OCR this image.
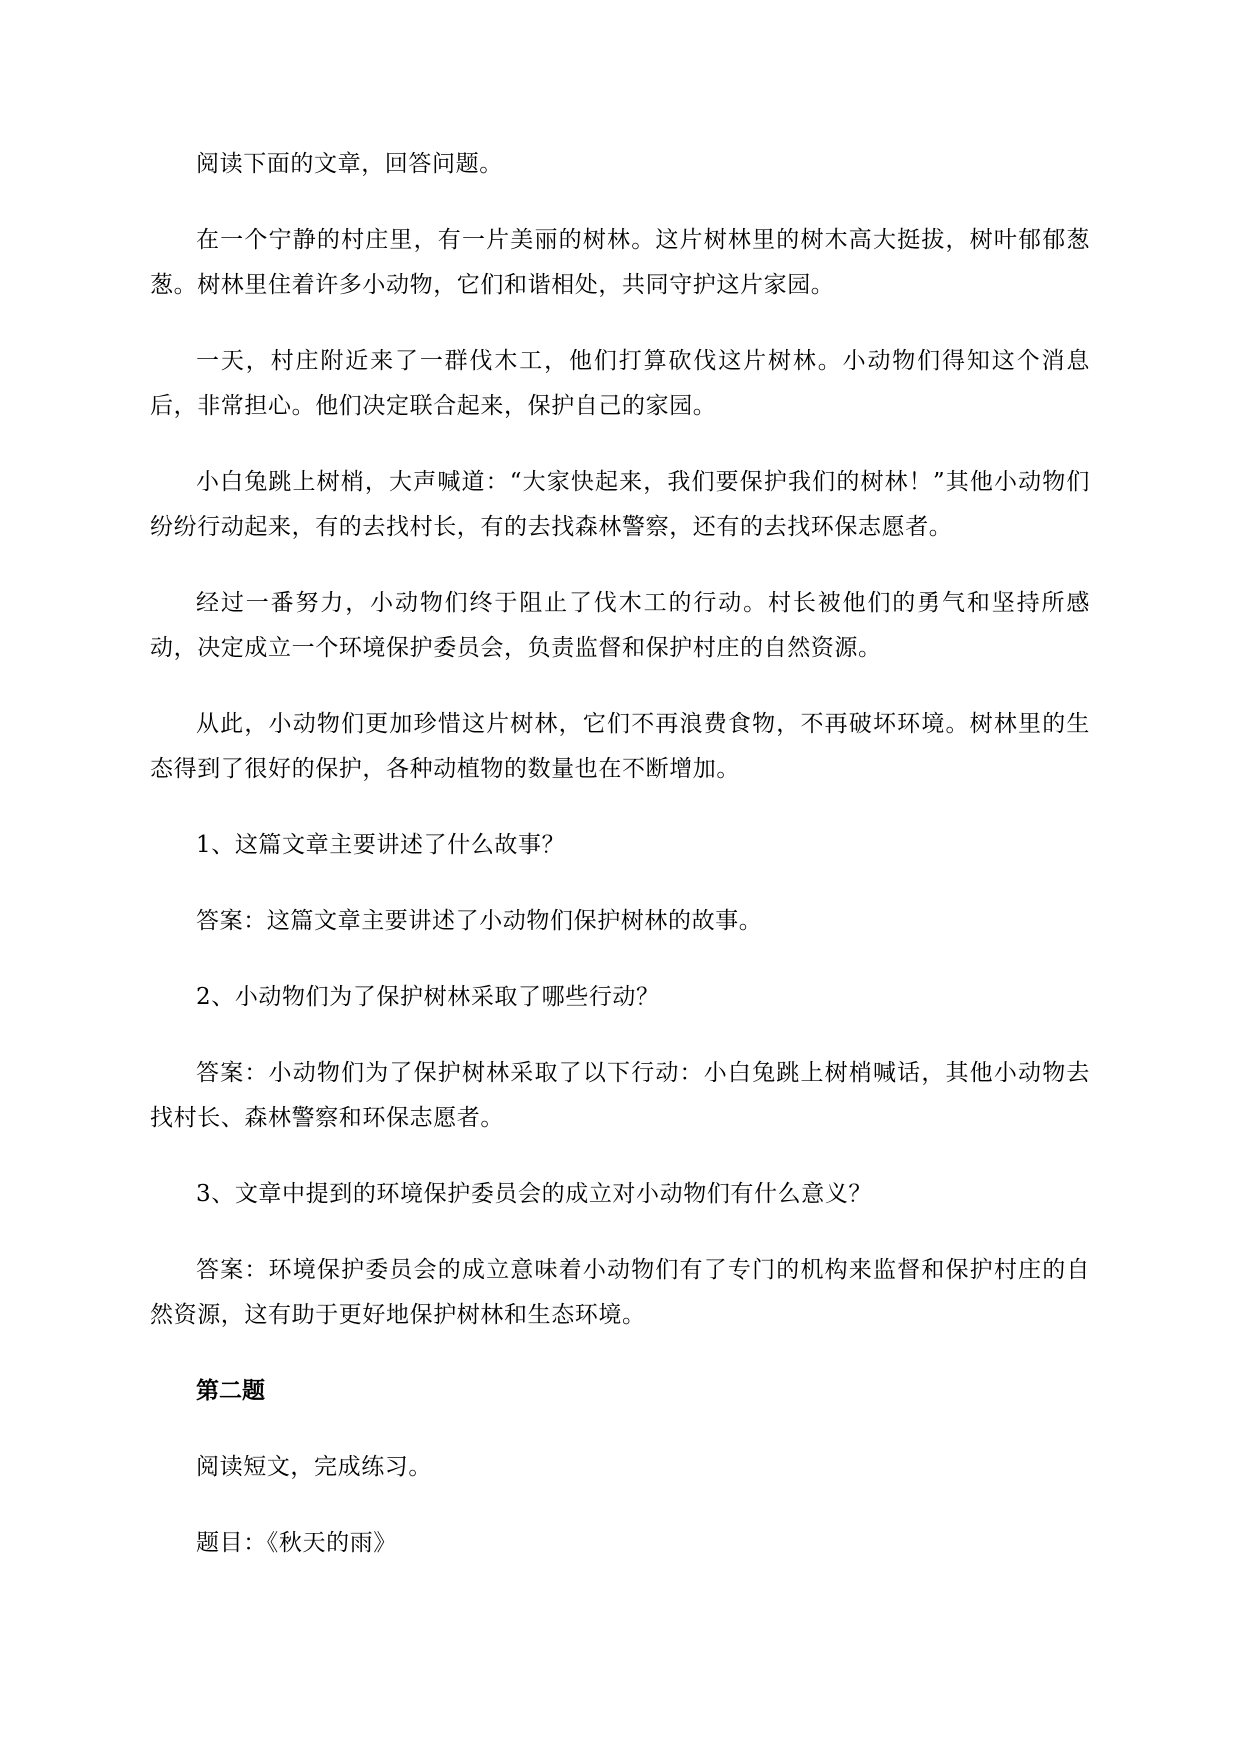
阅读下面的文章，回答问题。

在一个宁静的村庄里，有一片美丽的树林。这片树林里的树木高大挺拔，树叶郁郁葱葱。树林里住着许多小动物，它们和谐相处，共同守护这片家园。

一天，村庄附近来了一群伐木工，他们打算砍伐这片树林。小动物们得知这个消息后，非常担心。他们决定联合起来，保护自己的家园。

小白兔跳上树梢，大声喊道：“大家快起来，我们要保护我们的树林！”其他小动物们纷纷行动起来，有的去找村长，有的去找森林警察，还有的去找环保志愿者。

经过一番努力，小动物们终于阻止了伐木工的行动。村长被他们的勇气和坚持所感动，决定成立一个环境保护委员会，负责监督和保护村庄的自然资源。

从此，小动物们更加珍惜这片树林，它们不再浪费食物，不再破坏环境。树林里的生态得到了很好的保护，各种动植物的数量也在不断增加。

1、这篇文章主要讲述了什么故事？

答案：这篇文章主要讲述了小动物们保护树林的故事。

2、小动物们为了保护树林采取了哪些行动？

答案：小动物们为了保护树林采取了以下行动：小白兔跳上树梢喊话，其他小动物去找村长、森林警察和环保志愿者。

3、文章中提到的环境保护委员会的成立对小动物们有什么意义？

答案：环境保护委员会的成立意味着小动物们有了专门的机构来监督和保护村庄的自然资源，这有助于更好地保护树林和生态环境。

第二题

阅读短文，完成练习。

题目：《秋天的雨》
